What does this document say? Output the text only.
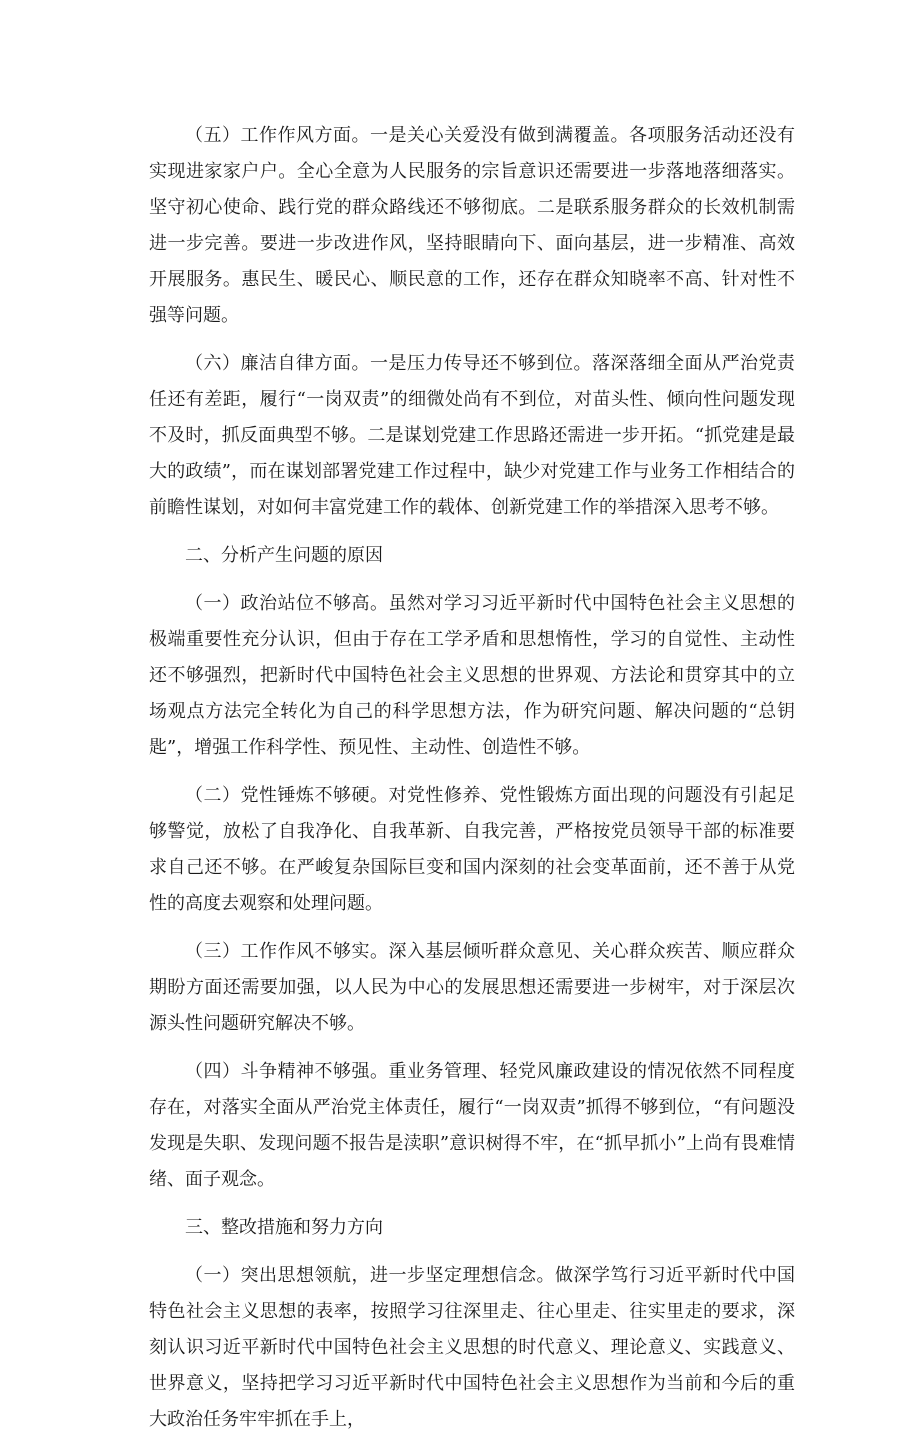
（五）工作作风方面。一是关心关爱没有做到满覆盖。各项服务活动还没有实现进家家户户。全心全意为人民服务的宗旨意识还需要进一步落地落细落实。坚守初心使命、践行党的群众路线还不够彻底。二是联系服务群众的长效机制需进一步完善。要进一步改进作风，坚持眼睛向下、面向基层，进一步精准、高效开展服务。惠民生、暖民心、顺民意的工作，还存在群众知晓率不高、针对性不强等问题。

（六）廉洁自律方面。一是压力传导还不够到位。落深落细全面从严治党责任还有差距，履行“一岗双责”的细微处尚有不到位，对苗头性、倾向性问题发现不及时，抓反面典型不够。二是谋划党建工作思路还需进一步开拓。“抓党建是最大的政绩”，而在谋划部署党建工作过程中，缺少对党建工作与业务工作相结合的前瞻性谋划，对如何丰富党建工作的载体、创新党建工作的举措深入思考不够。

二、分析产生问题的原因

（一）政治站位不够高。虽然对学习习近平新时代中国特色社会主义思想的极端重要性充分认识，但由于存在工学矛盾和思想惰性，学习的自觉性、主动性还不够强烈，把新时代中国特色社会主义思想的世界观、方法论和贯穿其中的立场观点方法完全转化为自己的科学思想方法，作为研究问题、解决问题的“总钥匙”，增强工作科学性、预见性、主动性、创造性不够。

（二）党性锤炼不够硬。对党性修养、党性锻炼方面出现的问题没有引起足够警觉，放松了自我净化、自我革新、自我完善，严格按党员领导干部的标准要求自己还不够。在严峻复杂国际巨变和国内深刻的社会变革面前，还不善于从党性的高度去观察和处理问题。

（三）工作作风不够实。深入基层倾听群众意见、关心群众疾苦、顺应群众期盼方面还需要加强，以人民为中心的发展思想还需要进一步树牢，对于深层次源头性问题研究解决不够。

（四）斗争精神不够强。重业务管理、轻党风廉政建设的情况依然不同程度存在，对落实全面从严治党主体责任，履行“一岗双责”抓得不够到位，“有问题没发现是失职、发现问题不报告是渎职”意识树得不牢，在“抓早抓小”上尚有畏难情绪、面子观念。

三、整改措施和努力方向

（一）突出思想领航，进一步坚定理想信念。做深学笃行习近平新时代中国特色社会主义思想的表率，按照学习往深里走、往心里走、往实里走的要求，深刻认识习近平新时代中国特色社会主义思想的时代意义、理论意义、实践意义、世界意义，坚持把学习习近平新时代中国特色社会主义思想作为当前和今后的重大政治任务牢牢抓在手上，
